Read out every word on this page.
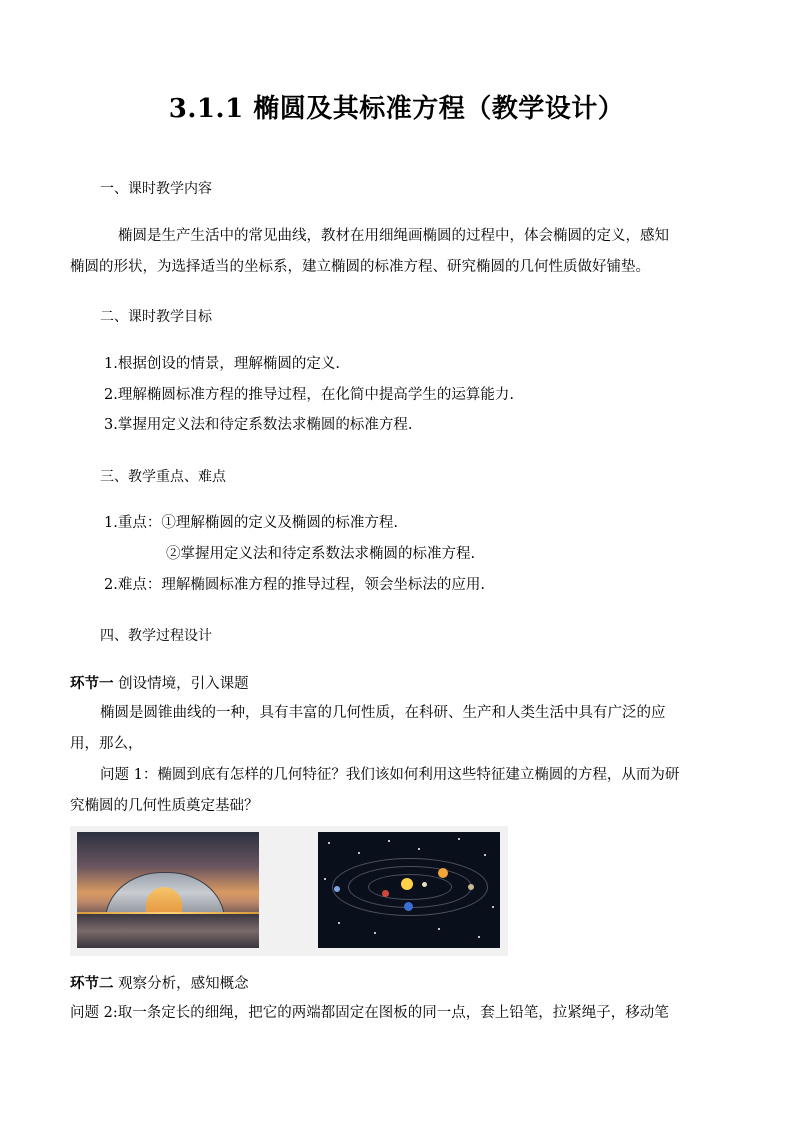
3.1.1 椭圆及其标准方程（教学设计）
一、课时教学内容
椭圆是生产生活中的常见曲线，教材在用细绳画椭圆的过程中，体会椭圆的定义，感知
椭圆的形状，为选择适当的坐标系，建立椭圆的标准方程、研究椭圆的几何性质做好铺垫。
二、课时教学目标
1.根据创设的情景，理解椭圆的定义.
2.理解椭圆标准方程的推导过程，在化简中提高学生的运算能力.
3.掌握用定义法和待定系数法求椭圆的标准方程.
三、教学重点、难点
1.重点：①理解椭圆的定义及椭圆的标准方程.
②掌握用定义法和待定系数法求椭圆的标准方程.
2.难点：理解椭圆标准方程的推导过程，领会坐标法的应用.
四、教学过程设计
环节一 创设情境，引入课题
椭圆是圆锥曲线的一种，具有丰富的几何性质，在科研、生产和人类生活中具有广泛的应
用，那么，
问题 1：椭圆到底有怎样的几何特征？我们该如何利用这些特征建立椭圆的方程，从而为研
究椭圆的几何性质奠定基础？
环节二 观察分析，感知概念
问题 2:取一条定长的细绳，把它的两端都固定在图板的同一点，套上铅笔，拉紧绳子，移动笔
